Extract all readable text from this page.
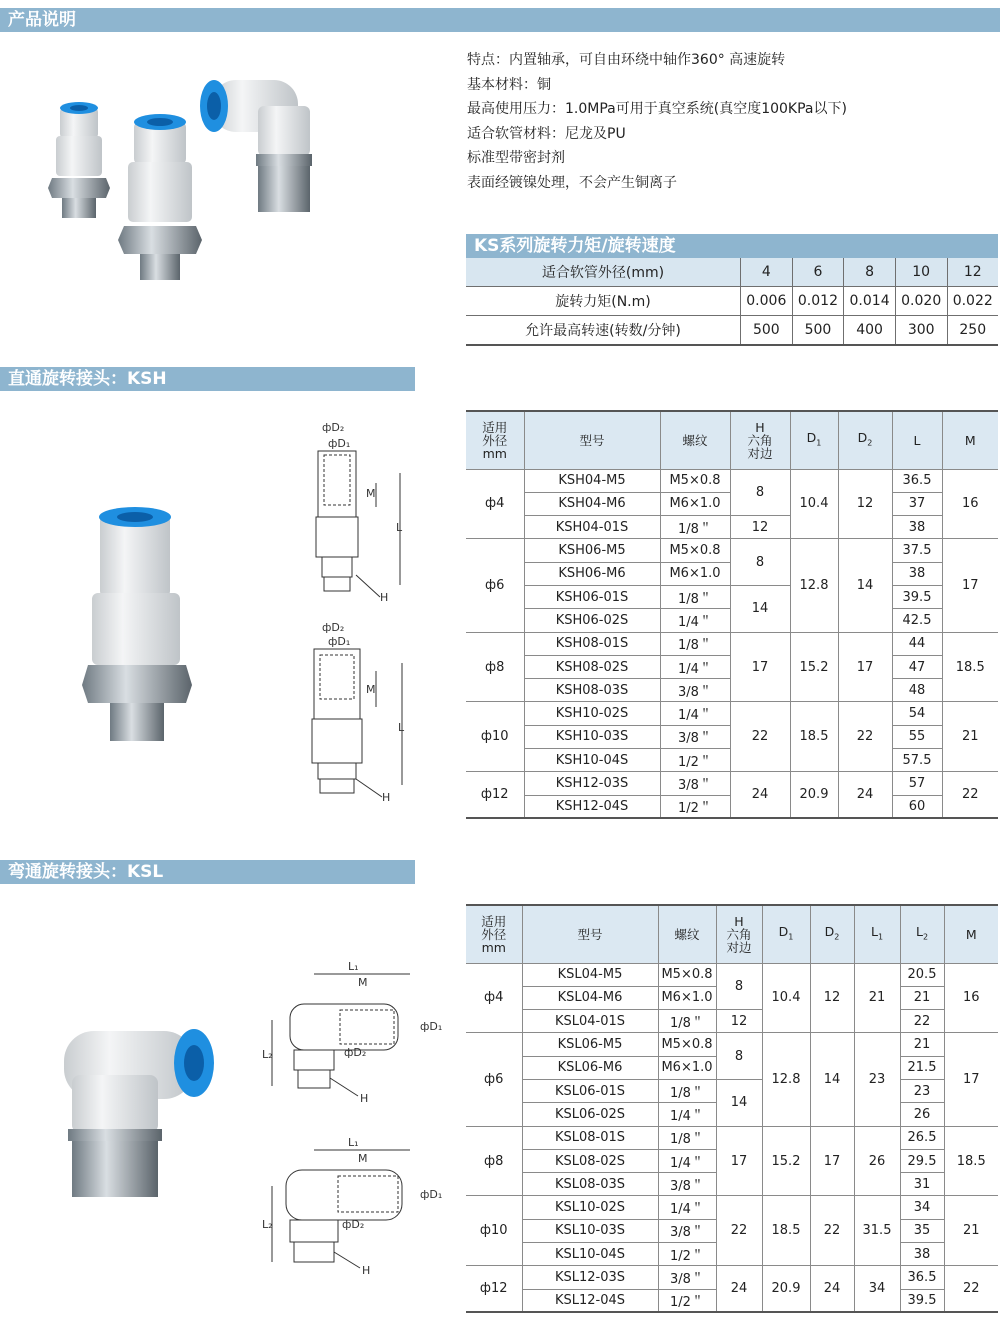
产品说明
直通旋转接头：KSH
弯通旋转接头：KSL
特点：内置轴承，可自由环绕中轴作360° 高速旋转
基本材料：铜
最高使用压力：1.0MPa可用于真空系统(真空度100KPa以下)
适合软管材料：尼龙及PU
标准型带密封剂
表面经镀镍处理，不会产生铜离子
KS系列旋转力矩/旋转速度
适合软管外径(mm)	4	6	8	10	12
旋转力矩(N.m)	0.006	0.012	0.014	0.020	0.022
允许最高转速(转数/分钟)	500	500	400	300	250
фD₂
фD₁
M
L
H
фD₂
фD₁
M
L
H
适用
外径
mm	型号	螺纹	H
六角
对边	$D_1$	$D_2$	L	M
ф4	KSH04-M5	M5×0.8	8	10.4	12	36.5	16
	KSH04-M6	M6×1.0				37	
	KSH04-01S	1/8＂	12			38	
ф6	KSH06-M5	M5×0.8	8	12.8	14	37.5	17
	KSH06-M6	M6×1.0				38	
	KSH06-01S	1/8＂	14			39.5	
	KSH06-02S	1/4＂				42.5	
ф8	KSH08-01S	1/8＂	17	15.2	17	44	18.5
	KSH08-02S	1/4＂				47	
	KSH08-03S	3/8＂				48	
ф10	KSH10-02S	1/4＂	22	18.5	22	54	21
	KSH10-03S	3/8＂				55	
	KSH10-04S	1/2＂				57.5	
ф12	KSH12-03S	3/8＂	24	20.9	24	57	22
	KSH12-04S	1/2＂				60	
L₁
M
L₂	фD₂
фD₁
H
L₁
M
L₂	фD₂
фD₁
H
适用
外径
mm	型号	螺纹	H
六角
对边	$D_1$	$D_2$	$L_1$	$L_2$	M
ф4	KSL04-M5	M5×0.8	8	10.4	12	21	20.5	16
	KSL04-M6	M6×1.0					21	
	KSL04-01S	1/8＂	12				22	
ф6	KSL06-M5	M5×0.8	8	12.8	14	23	21	17
	KSL06-M6	M6×1.0					21.5	
	KSL06-01S	1/8＂	14				23	
	KSL06-02S	1/4＂					26	
ф8	KSL08-01S	1/8＂	17	15.2	17	26	26.5	18.5
	KSL08-02S	1/4＂					29.5	
	KSL08-03S	3/8＂					31	
ф10	KSL10-02S	1/4＂	22	18.5	22	31.5	34	21
	KSL10-03S	3/8＂					35	
	KSL10-04S	1/2＂					38	
ф12	KSL12-03S	3/8＂	24	20.9	24	34	36.5	22
	KSL12-04S	1/2＂					39.5	
